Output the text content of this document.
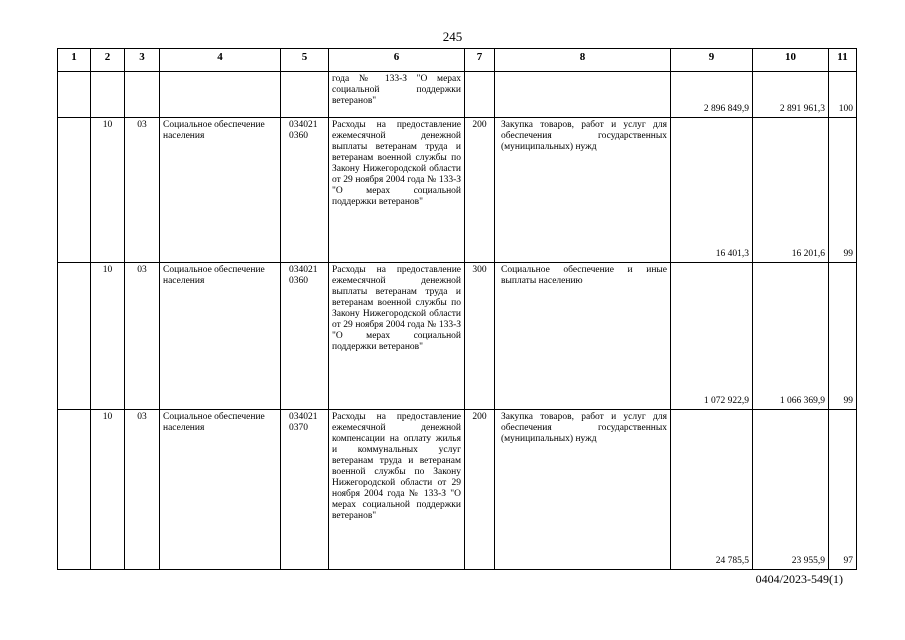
245
1	2	3	4	5	6	7	8	9	10	11
					года № 133-З "О мерах социальной поддержки ветеранов"			2 896 849,9	2 891 961,3	100
	10	03	Социальное обеспечение населения	034021 0360	Расходы на предоставление ежемесячной денежной выплаты ветеранам труда и ветеранам военной службы по Закону Нижегородской области от 29 ноября 2004 года № 133-З "О мерах социальной поддержки ветеранов"	200	Закупка товаров, работ и услуг для обеспечения государственных (муниципальных) нужд	16 401,3	16 201,6	99
	10	03	Социальное обеспечение населения	034021 0360	Расходы на предоставление ежемесячной денежной выплаты ветеранам труда и ветеранам военной службы по Закону Нижегородской области от 29 ноября 2004 года № 133-З "О мерах социальной поддержки ветеранов"	300	Социальное обеспечение и иные выплаты населению	1 072 922,9	1 066 369,9	99
	10	03	Социальное обеспечение населения	034021 0370	Расходы на предоставление ежемесячной денежной компенсации на оплату жилья и коммунальных услуг ветеранам труда и ветеранам военной службы по Закону Нижегородской области от 29 ноября 2004 года № 133-З "О мерах социальной поддержки ветеранов"	200	Закупка товаров, работ и услуг для обеспечения государственных (муниципальных) нужд	24 785,5	23 955,9	97
0404/2023-549(1)
